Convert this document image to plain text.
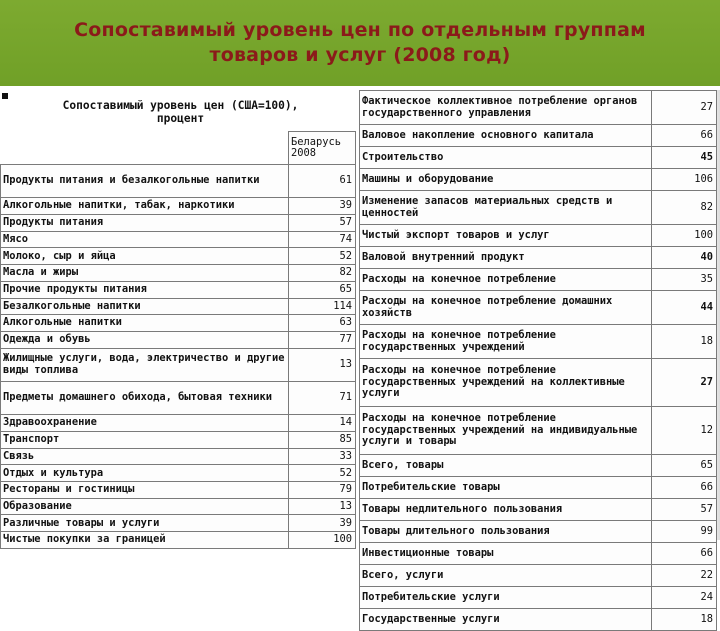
Сопоставимый уровень цен по отдельным группам
товаров и услуг (2008 год)
Сопоставимый уровень цен (США=100),
процент

	Беларусь
2008

Продукты питания и безалкогольные напитки	61
Алкогольные напитки, табак, наркотики	39
Продукты питания	57
Мясо	74
Молоко, сыр и яйца	52
Масла и жиры	82
Прочие продукты питания	65
Безалкогольные напитки	114
Алкогольные напитки	63
Одежда и обувь	77
Жилищные услуги, вода, электричество и другие виды топлива	13
Предметы домашнего обихода, бытовая техники	71
Здравоохранение	14
Транспорт	85
Связь	33
Отдых и культура	52
Рестораны и гостиницы	79
Образование	13
Различные товары и услуги	39
Чистые покупки за границей	100
Фактическое коллективное потребление органов государственного управления	27
Валовое накопление основного капитала	66
Строительство	45
Машины и оборудование	106
Изменение запасов материальных средств и ценностей	82
Чистый экспорт товаров и услуг	100
Валовой внутренний продукт	40
Расходы на конечное потребление	35
Расходы на конечное потребление домашних хозяйств	44
Расходы на конечное потребление государственных учреждений	18
Расходы на конечное потребление государственных учреждений на коллективные услуги	27
Расходы на конечное потребление государственных учреждений на индивидуальные услуги и товары	12
Всего, товары	65
Потребительские товары	66
Товары недлительного пользования	57
Товары длительного пользования	99
Инвестиционные товары	66
Всего, услуги	22
Потребительские услуги	24
Государственные услуги	18
